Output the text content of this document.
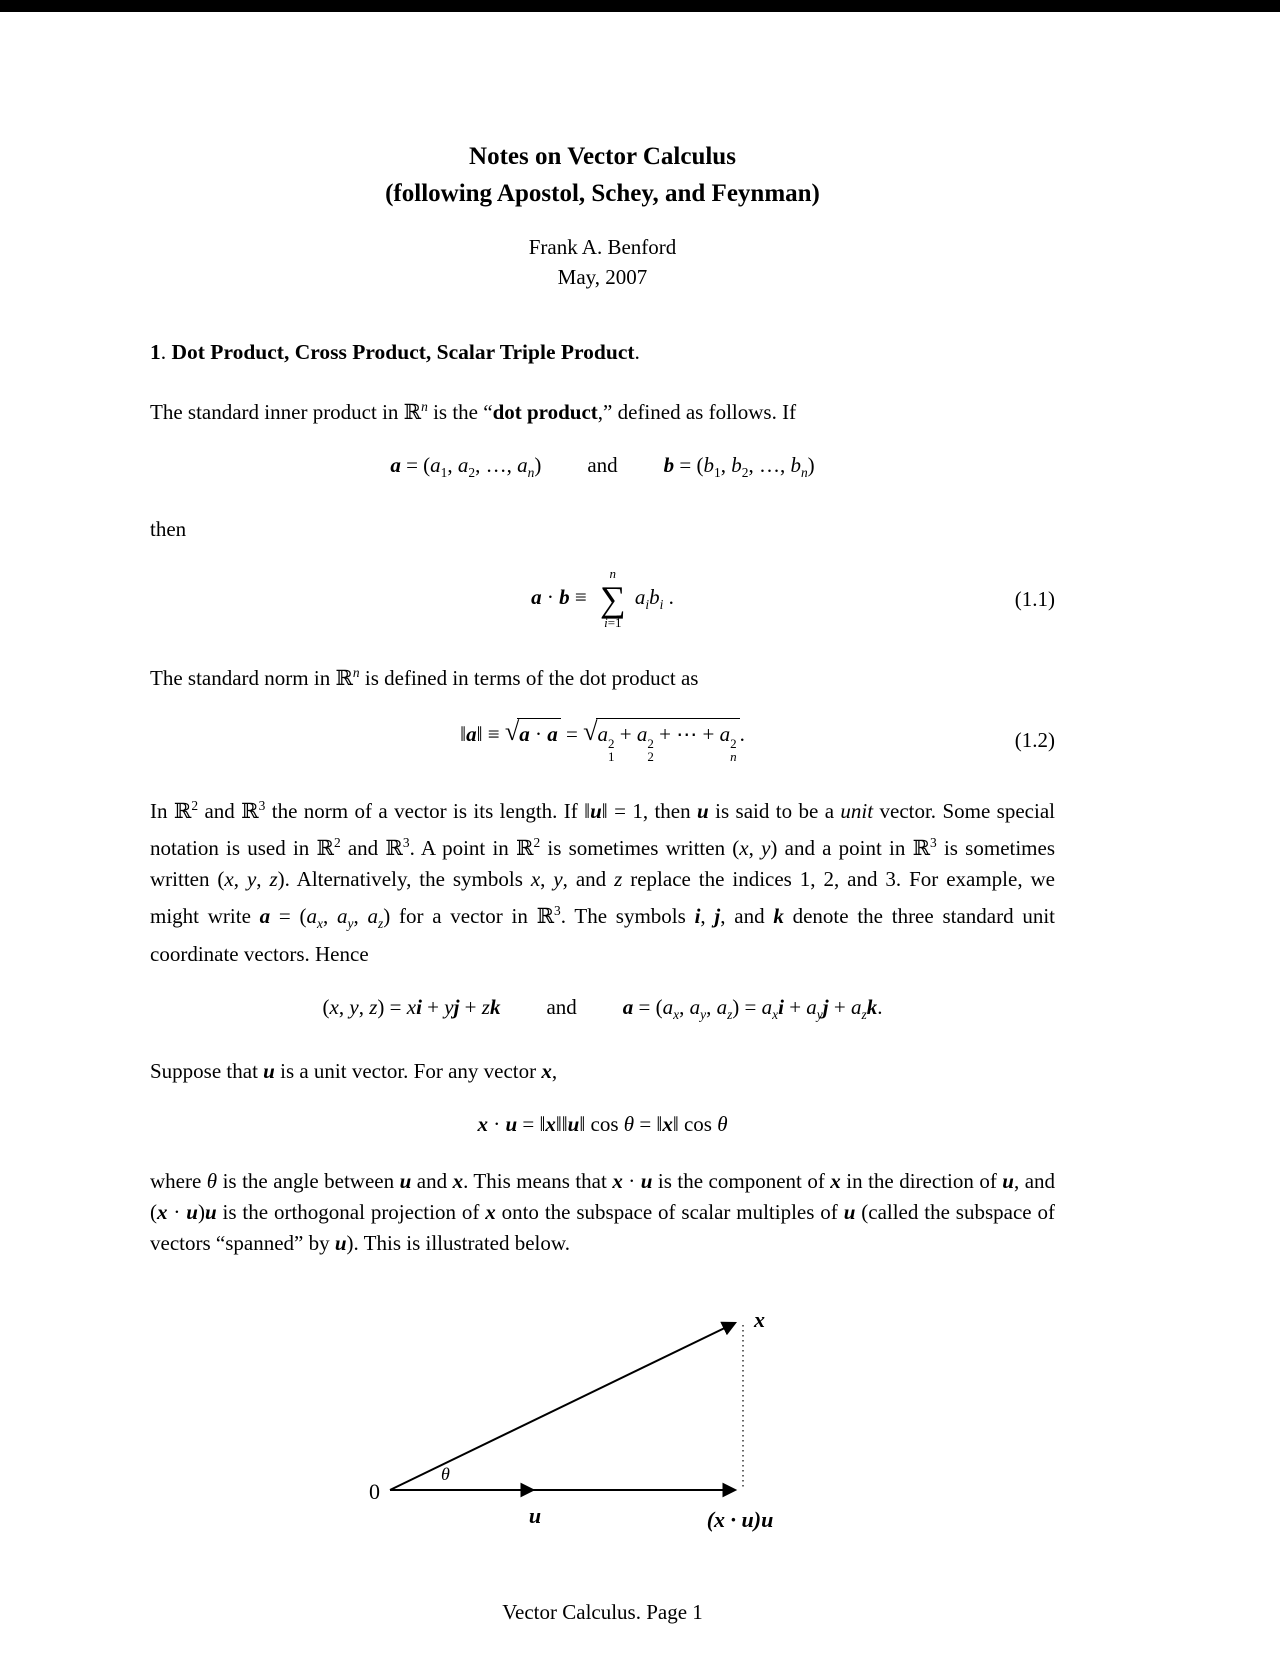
Notes on Vector Calculus
(following Apostol, Schey, and Feynman)
Frank A. Benford
May, 2007
1. Dot Product, Cross Product, Scalar Triple Product.

The standard inner product in ℝ$^n$ is the “dot product,” defined as follows. If

$a = (a_1$, $a_2$, …, $a_n$) and $b = (b_1$, $b_2$, …, $b_n$)

then

a · b ≡
n
∑
i=1
$a_ib_i$ .	(1.1)

The standard norm in ℝ$^n$ is defined in terms of the dot product as

‖a‖ ≡ √a · a = √a 2
1
+ a 2
2
+ ⋯ + a 2
n
.	(1.2)

In ℝ$^2$ and ℝ$^3$ the norm of a vector is its length. If ‖u‖ = 1, then u is said to be a unit vector. Some special notation is used in ℝ$^2$ and ℝ$^3$. A point in ℝ$^2$ is sometimes written (x, y) and a point in ℝ$^3$ is sometimes written (x, y, z). Alternatively, the symbols x, y, and z replace the indices 1, 2, and 3. For example, we might write $a = (a_x$, $a_y$, $a_z$) for a vector in ℝ$^3$. The symbols i, j, and k denote the three standard unit coordinate vectors. Hence

(x, y, z) = xi + yj + zk and $a = (a_x$, $a_y$, $a_z) = a_xi + a_yj + a_zk$.

Suppose that u is a unit vector. For any vector x,

x · u = ‖x‖‖u‖ cos θ = ‖x‖ cos θ

where θ is the angle between u and x. This means that x · u is the component of x in the direction of u, and (x · u)u is the orthogonal projection of x onto the subspace of scalar multiples of u (called the subspace of vectors “spanned” by u). This is illustrated below.

0
θ
u
x
(x · u)u
Vector Calculus. Page 1
